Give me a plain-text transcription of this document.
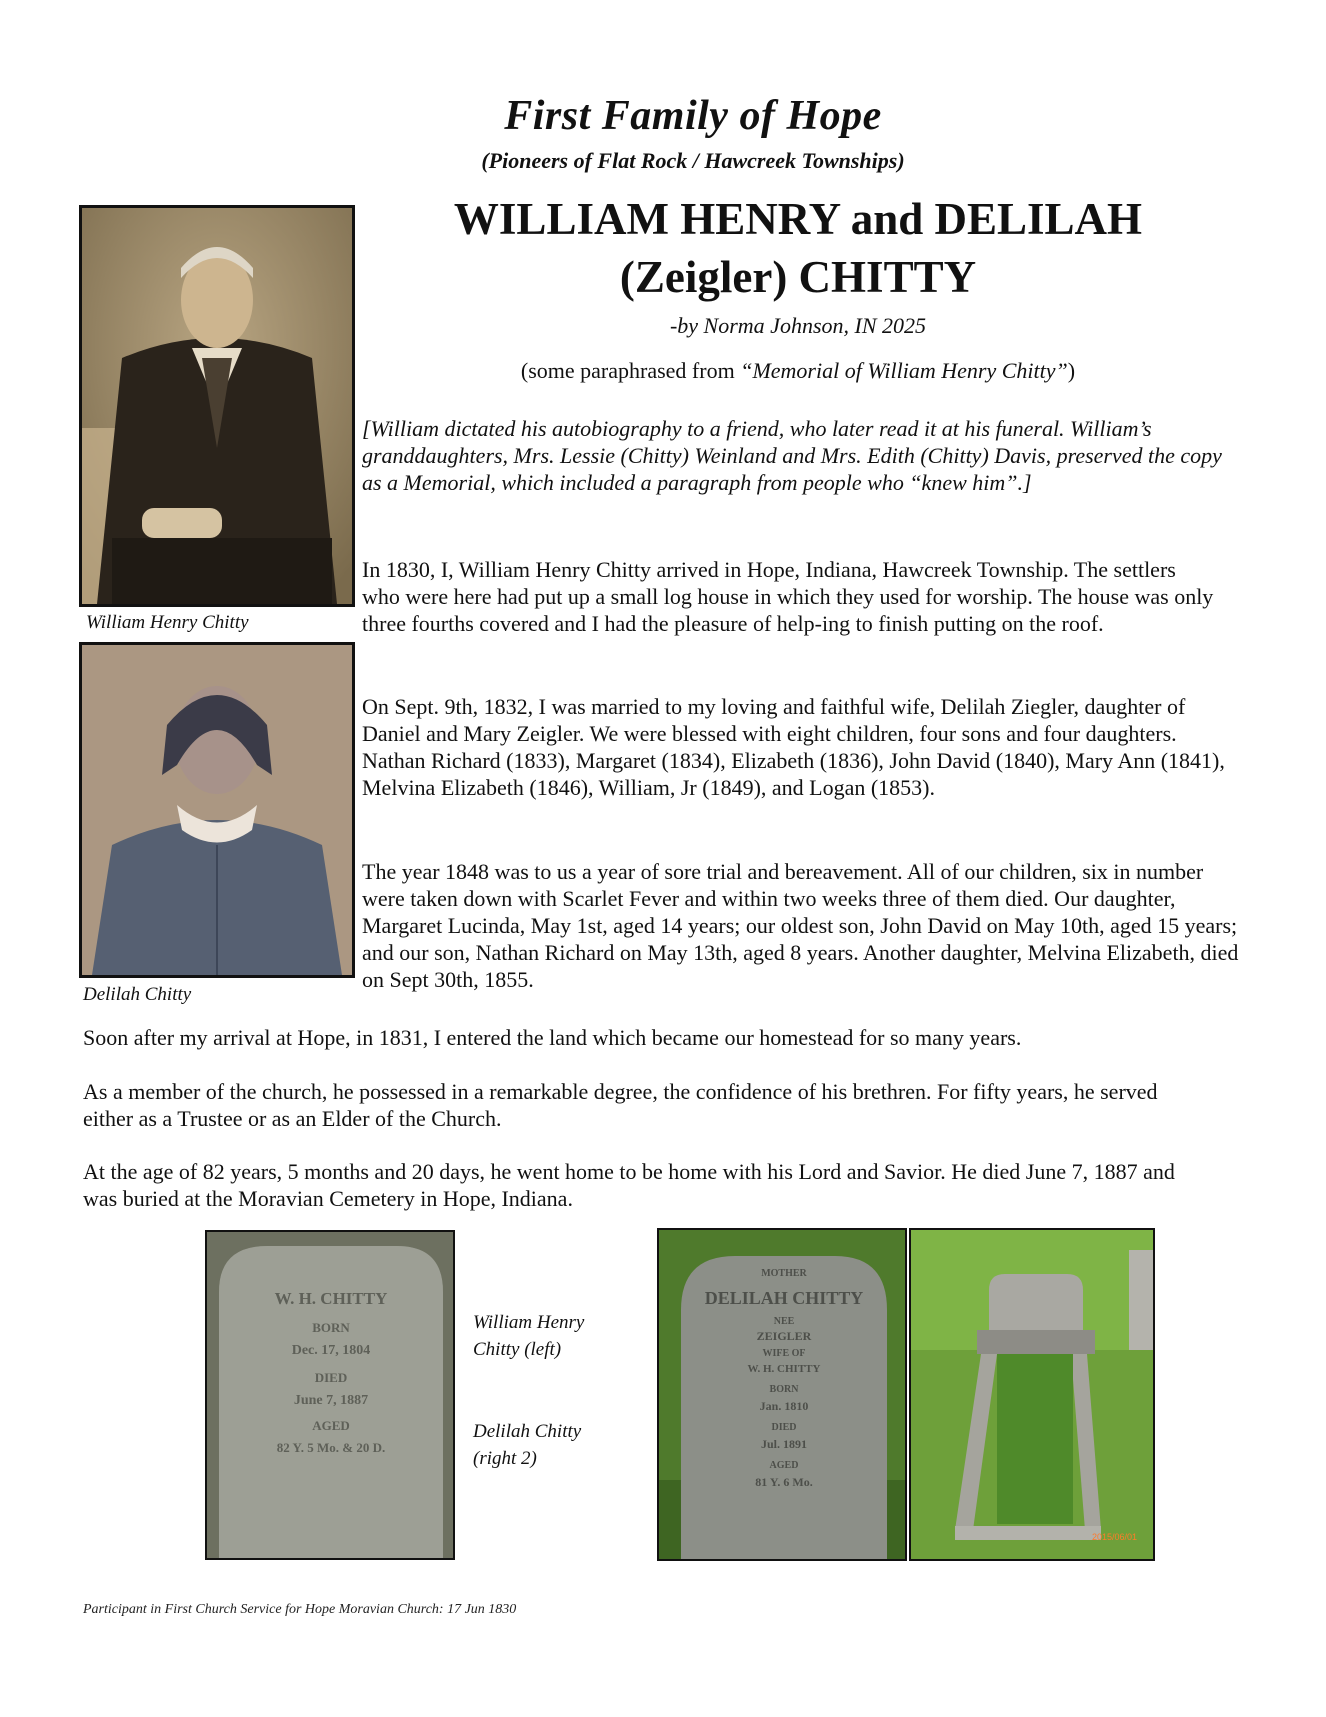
First Family of Hope
(Pioneers of Flat Rock / Hawcreek Townships)
WILLIAM HENRY and DELILAH
(Zeigler) CHITTY
-by Norma Johnson, IN 2025
(some paraphrased from “Memorial of William Henry Chitty”)
William Henry Chitty
Delilah Chitty

[William dictated his autobiography to a friend, who later read it at his funeral. William’s granddaughters, Mrs. Lessie (Chitty) Weinland and Mrs. Edith (Chitty) Davis, preserved the copy as a Memorial, which included a paragraph from people who “knew him”.]

In 1830, I, William Henry Chitty arrived in Hope, Indiana, Hawcreek Township. The settlers who were here had put up a small log house in which they used for worship. The house was only three fourths covered and I had the pleasure of help-ing to finish putting on the roof.

On Sept. 9th, 1832, I was married to my loving and faithful wife, Delilah Ziegler, daughter of Daniel and Mary Zeigler. We were blessed with eight children, four sons and four daughters. Nathan Richard (1833), Margaret (1834), Elizabeth (1836), John David (1840), Mary Ann (1841), Melvina Elizabeth (1846), William, Jr (1849), and Logan (1853).

The year 1848 was to us a year of sore trial and bereavement. All of our children, six in number were taken down with Scarlet Fever and within two weeks three of them died. Our daughter, Margaret Lucinda, May 1st, aged 14 years; our oldest son, John David on May 10th, aged 15 years; and our son, Nathan Richard on May 13th, aged 8 years. Another daughter, Melvina Elizabeth, died on Sept 30th, 1855.

Soon after my arrival at Hope, in 1831, I entered the land which became our homestead for so many years.

As a member of the church, he possessed in a remarkable degree, the confidence of his brethren. For fifty years, he served either as a Trustee or as an Elder of the Church.

At the age of 82 years, 5 months and 20 days, he went home to be home with his Lord and Savior. He died June 7, 1887 and was buried at the Moravian Cemetery in Hope, Indiana.

W. H. CHITTY
BORN
Dec. 17, 1804
DIED
June 7, 1887
AGED
82 Y. 5 Mo. & 20 D.
William Henry
Chitty (left)
Delilah Chitty
(right 2)
MOTHER
DELILAH CHITTY
NEE
ZEIGLER
WIFE OF
W. H. CHITTY
BORN
Jan. 1810
DIED
Jul. 1891
AGED
81 Y. 6 Mo.
2015/06/01
Participant in First Church Service for Hope Moravian Church: 17 Jun 1830
